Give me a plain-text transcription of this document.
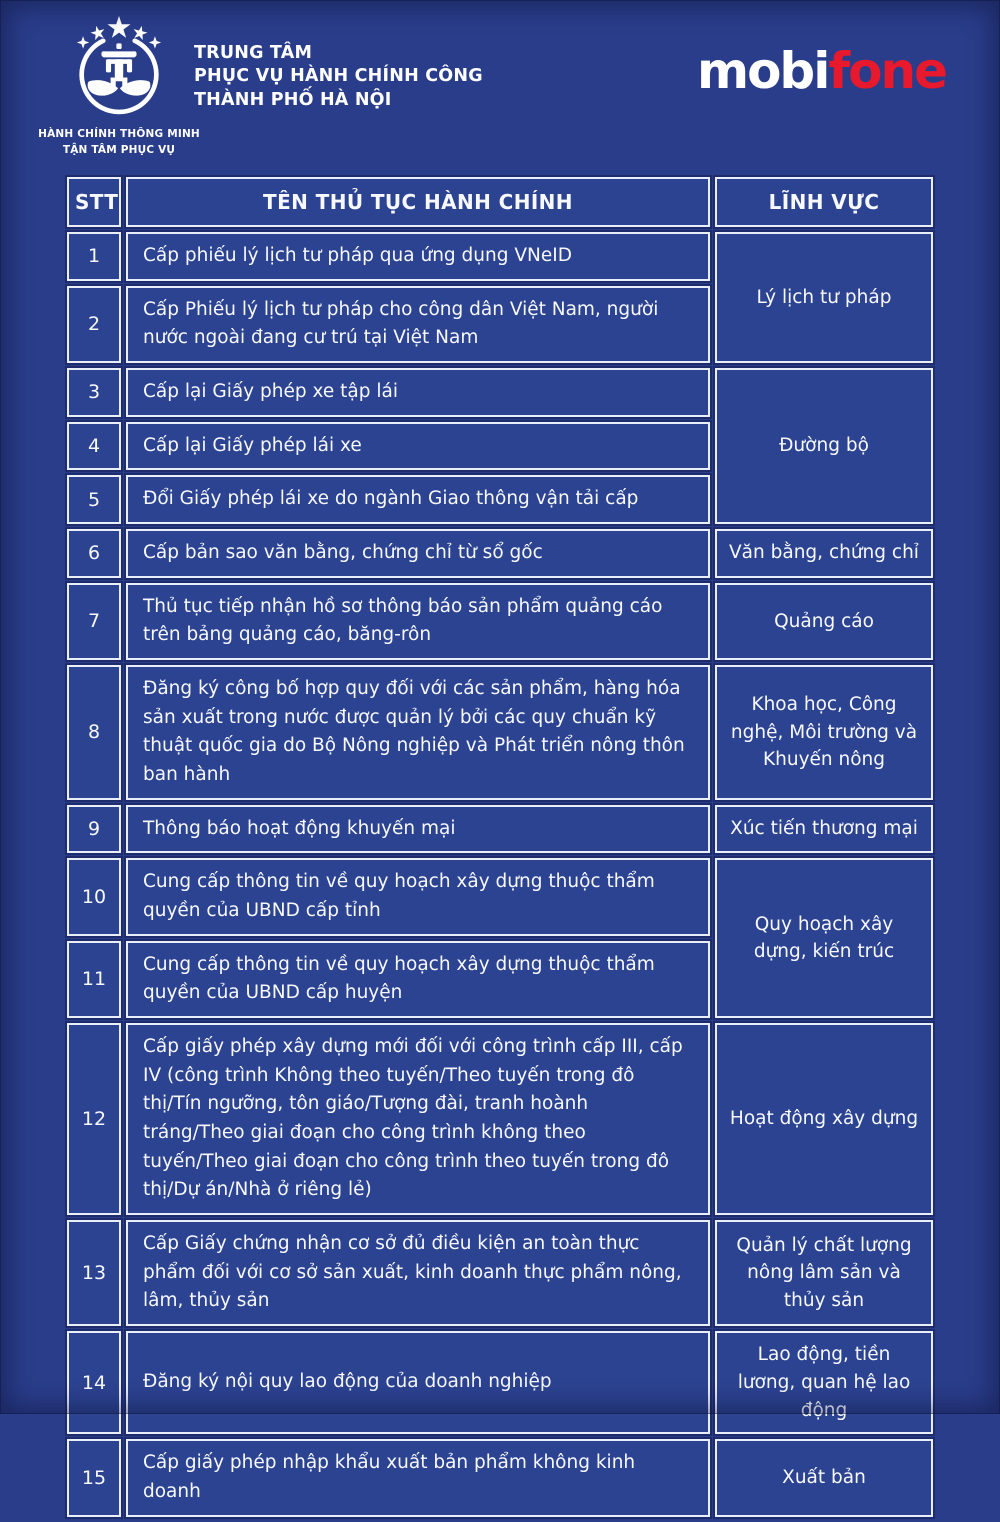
HÀNH CHÍNH THÔNG MINH
TẬN TÂM PHỤC VỤ
TRUNG TÂM
PHỤC VỤ HÀNH CHÍNH CÔNG
THÀNH PHỐ HÀ NỘI	mobifone
STT	TÊN THỦ TỤC HÀNH CHÍNH	LĨNH VỰC
1	Cấp phiếu lý lịch tư pháp qua ứng dụng VNeID	Lý lịch tư pháp
2	Cấp Phiếu lý lịch tư pháp cho công dân Việt Nam, người nước ngoài đang cư trú tại Việt Nam	
3	Cấp lại Giấy phép xe tập lái	Đường bộ
4	Cấp lại Giấy phép lái xe	
5	Đổi Giấy phép lái xe do ngành Giao thông vận tải cấp	
6	Cấp bản sao văn bằng, chứng chỉ từ sổ gốc	Văn bằng, chứng chỉ
7	Thủ tục tiếp nhận hồ sơ thông báo sản phẩm quảng cáo trên bảng quảng cáo, băng-rôn	Quảng cáo
8	Đăng ký công bố hợp quy đối với các sản phẩm, hàng hóa sản xuất trong nước được quản lý bởi các quy chuẩn kỹ thuật quốc gia do Bộ Nông nghiệp và Phát triển nông thôn ban hành	Khoa học, Công nghệ, Môi trường và Khuyến nông
9	Thông báo hoạt động khuyến mại	Xúc tiến thương mại
10	Cung cấp thông tin về quy hoạch xây dựng thuộc thẩm quyền của UBND cấp tỉnh	Quy hoạch xây dựng, kiến trúc
11	Cung cấp thông tin về quy hoạch xây dựng thuộc thẩm quyền của UBND cấp huyện	
12	Cấp giấy phép xây dựng mới đối với công trình cấp III, cấp IV (công trình Không theo tuyến/Theo tuyến trong đô thị/Tín ngưỡng, tôn giáo/Tượng đài, tranh hoành tráng/Theo giai đoạn cho công trình không theo tuyến/Theo giai đoạn cho công trình theo tuyến trong đô thị/Dự án/Nhà ở riêng lẻ)	Hoạt động xây dựng
13	Cấp Giấy chứng nhận cơ sở đủ điều kiện an toàn thực phẩm đối với cơ sở sản xuất, kinh doanh thực phẩm nông, lâm, thủy sản	Quản lý chất lượng nông lâm sản và thủy sản
14	Đăng ký nội quy lao động của doanh nghiệp	Lao động, tiền lương, quan hệ lao động
15	Cấp giấy phép nhập khẩu xuất bản phẩm không kinh doanh	Xuất bản
